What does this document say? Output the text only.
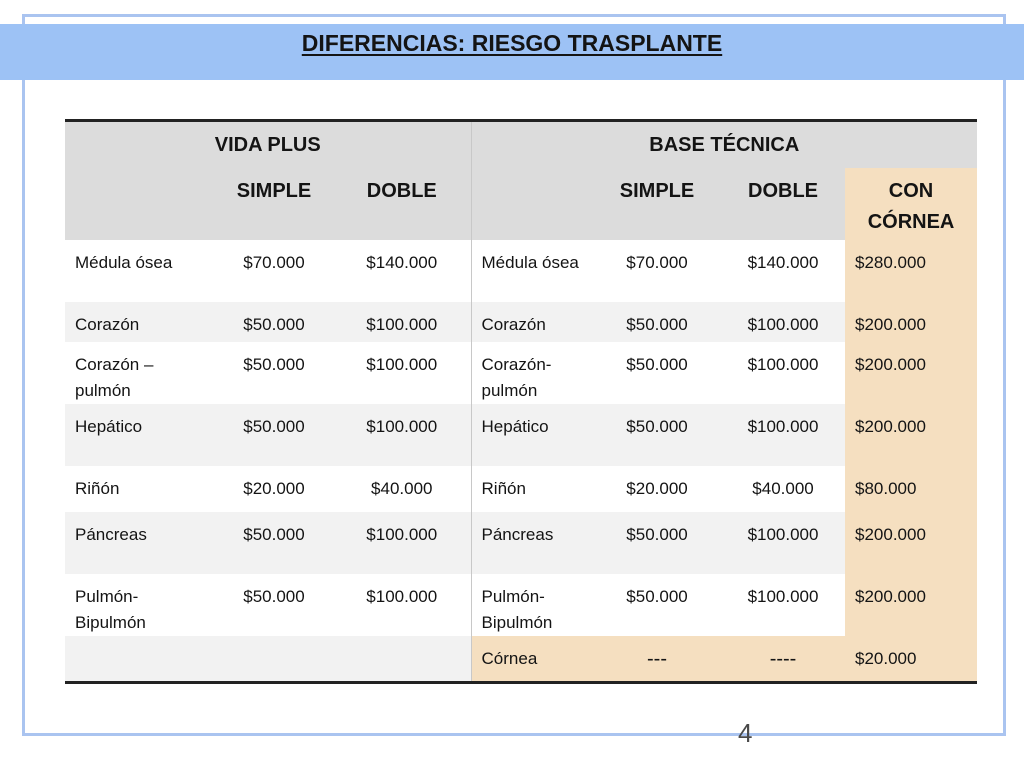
DIFERENCIAS: RIESGO TRASPLANTE
VIDA PLUS			BASE TÉCNICA			
	SIMPLE	DOBLE		SIMPLE	DOBLE	CON CÓRNEA
Médula ósea	$70.000	$140.000	Médula ósea	$70.000	$140.000	$280.000
Corazón	$50.000	$100.000	Corazón	$50.000	$100.000	$200.000
Corazón – pulmón	$50.000	$100.000	Corazón-pulmón	$50.000	$100.000	$200.000
Hepático	$50.000	$100.000	Hepático	$50.000	$100.000	$200.000
Riñón	$20.000	$40.000	Riñón	$20.000	$40.000	$80.000
Páncreas	$50.000	$100.000	Páncreas	$50.000	$100.000	$200.000
Pulmón-Bipulmón	$50.000	$100.000	Pulmón-Bipulmón	$50.000	$100.000	$200.000
			Córnea	---	----	$20.000
4
